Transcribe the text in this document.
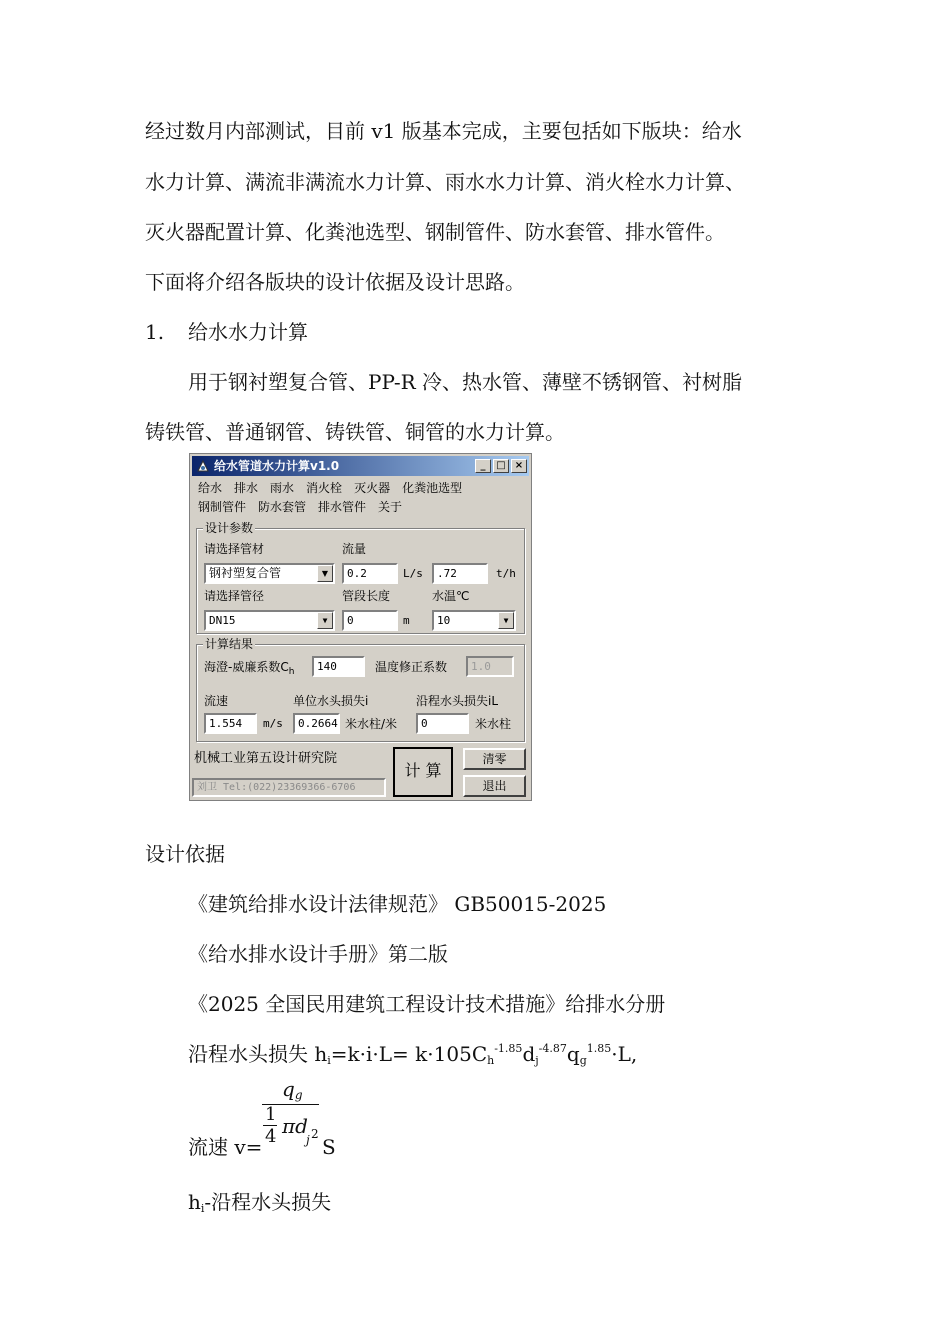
经过数月内部测试，目前 v1 版基本完成，主要包括如下版块：给水
水力计算、满流非满流水力计算、雨水水力计算、消火栓水力计算、
灭火器配置计算、化粪池选型、钢制管件、防水套管、排水管件。
下面将介绍各版块的设计依据及设计思路。
1. 给水水力计算
用于钢衬塑复合管、PP-R 冷、热水管、薄壁不锈钢管、衬树脂
铸铁管、普通钢管、铸铁管、铜管的水力计算。
给水管道水力计算v1.0	_	□ ×
给水 排水 雨水 消火栓 灭火器 化粪池选型
钢制管件 防水套管 排水管件 关于
设计参数
请选择管材	流量
钢衬塑复合管	▼	0.2	L/s	.72	t/h
请选择管径	管段长度	水温℃
DN15	▼	0	m	10	▼
计算结果
海澄-威廉系数$C_h$	140	温度修正系数	1.0
流速	单位水头损失i	沿程水头损失iL
1.554	m/s	0.2664 米水柱/米	0	米水柱
机械工业第五设计研究院
刘卫 Tel:(022)23369366-6706
计 算
清零
退出
设计依据
《建筑给排水设计法律规范》 GB50015-2025
《给水排水设计手册》第二版
《2025 全国民用建筑工程设计技术措施》给排水分册
沿程水头损失 $h_i=k\cdot i\cdot L= k\cdot 105C_h^{-1.85}d_j^{-4.87}q_g^{1.85}\cdot L$,
流速 v=
$q_g$
1
4 πd
j 2
S
$h_i-$沿程水头损失
